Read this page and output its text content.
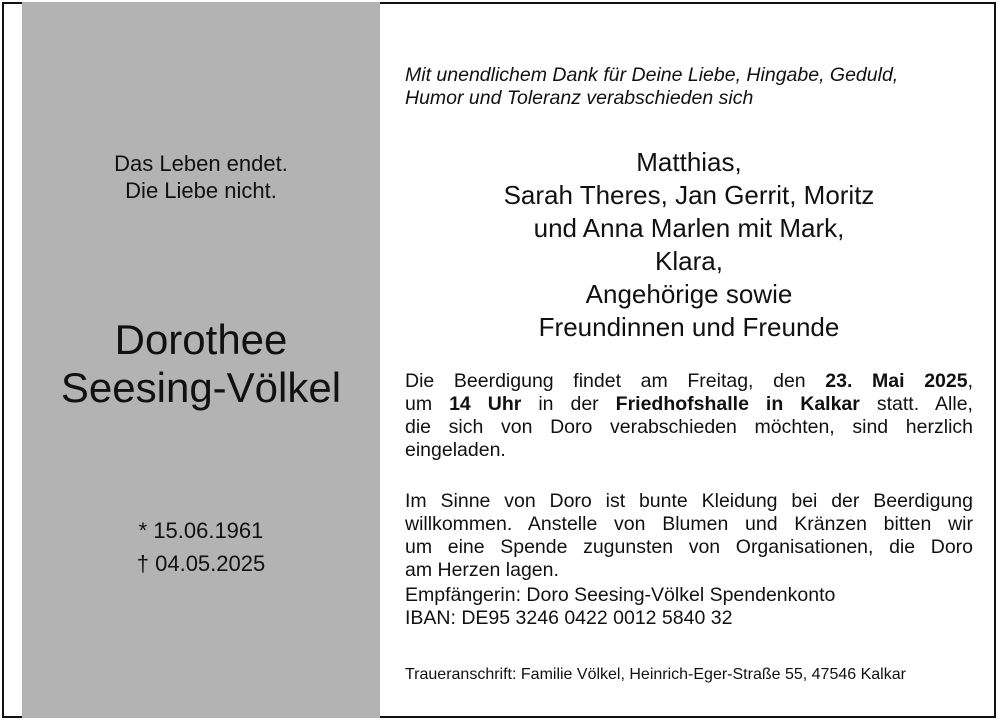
Das Leben endet.
Die Liebe nicht.
Dorothee
Seesing-Völkel
* 15.06.1961
† 04.05.2025
Mit unendlichem Dank für Deine Liebe, Hingabe, Geduld,
Humor und Toleranz verabschieden sich
Matthias,
Sarah Theres, Jan Gerrit, Moritz
und Anna Marlen mit Mark,
Klara,
Angehörige sowie
Freundinnen und Freunde
Die Beerdigung findet am Freitag, den 23. Mai 2025,
um 14 Uhr in der Friedhofshalle in Kalkar statt. Alle,
die sich von Doro verabschieden möchten, sind herzlich
eingeladen.
Im Sinne von Doro ist bunte Kleidung bei der Beerdigung
willkommen. Anstelle von Blumen und Kränzen bitten wir
um eine Spende zugunsten von Organisationen, die Doro
am Herzen lagen.
Empfängerin: Doro Seesing-Völkel Spendenkonto
IBAN: DE95 3246 0422 0012 5840 32
Traueranschrift: Familie Völkel, Heinrich-Eger-Straße 55, 47546 Kalkar
